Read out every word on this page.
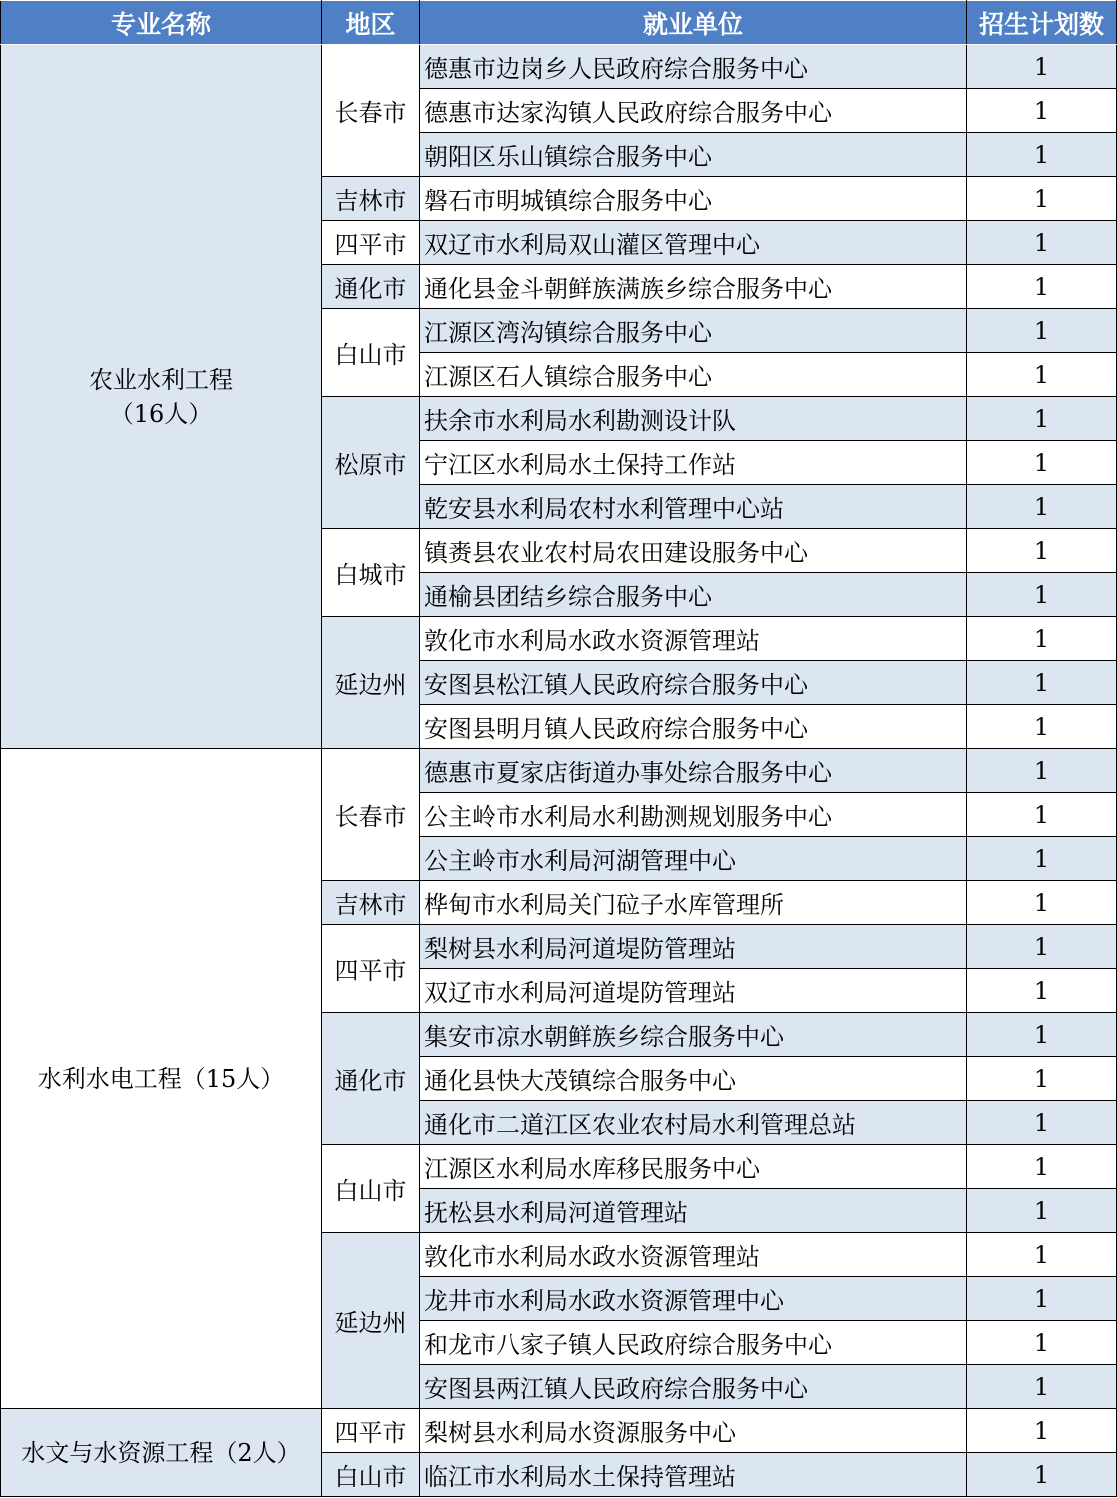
专业名称	地区	就业单位	招生计划数

农业水利工程
（16人）	长春市	德惠市边岗乡人民政府综合服务中心	1
		德惠市达家沟镇人民政府综合服务中心	1
		朝阳区乐山镇综合服务中心	1
	吉林市	磐石市明城镇综合服务中心	1
	四平市	双辽市水利局双山灌区管理中心	1
	通化市	通化县金斗朝鲜族满族乡综合服务中心	1
	白山市	江源区湾沟镇综合服务中心	1
		江源区石人镇综合服务中心	1
	松原市	扶余市水利局水利勘测设计队	1
		宁江区水利局水土保持工作站	1
		乾安县水利局农村水利管理中心站	1
	白城市	镇赉县农业农村局农田建设服务中心	1
		通榆县团结乡综合服务中心	1
	延边州	敦化市水利局水政水资源管理站	1
		安图县松江镇人民政府综合服务中心	1
		安图县明月镇人民政府综合服务中心	1

水利水电工程（15人）	长春市	德惠市夏家店街道办事处综合服务中心	1
		公主岭市水利局水利勘测规划服务中心	1
		公主岭市水利局河湖管理中心	1
	吉林市	桦甸市水利局关门砬子水库管理所	1
	四平市	梨树县水利局河道堤防管理站	1
		双辽市水利局河道堤防管理站	1
	通化市	集安市凉水朝鲜族乡综合服务中心	1
		通化县快大茂镇综合服务中心	1
		通化市二道江区农业农村局水利管理总站	1
	白山市	江源区水利局水库移民服务中心	1
		抚松县水利局河道管理站	1
	延边州	敦化市水利局水政水资源管理站	1
		龙井市水利局水政水资源管理中心	1
		和龙市八家子镇人民政府综合服务中心	1
		安图县两江镇人民政府综合服务中心	1

水文与水资源工程（2人）	四平市	梨树县水利局水资源服务中心	1
	白山市	临江市水利局水土保持管理站	1
